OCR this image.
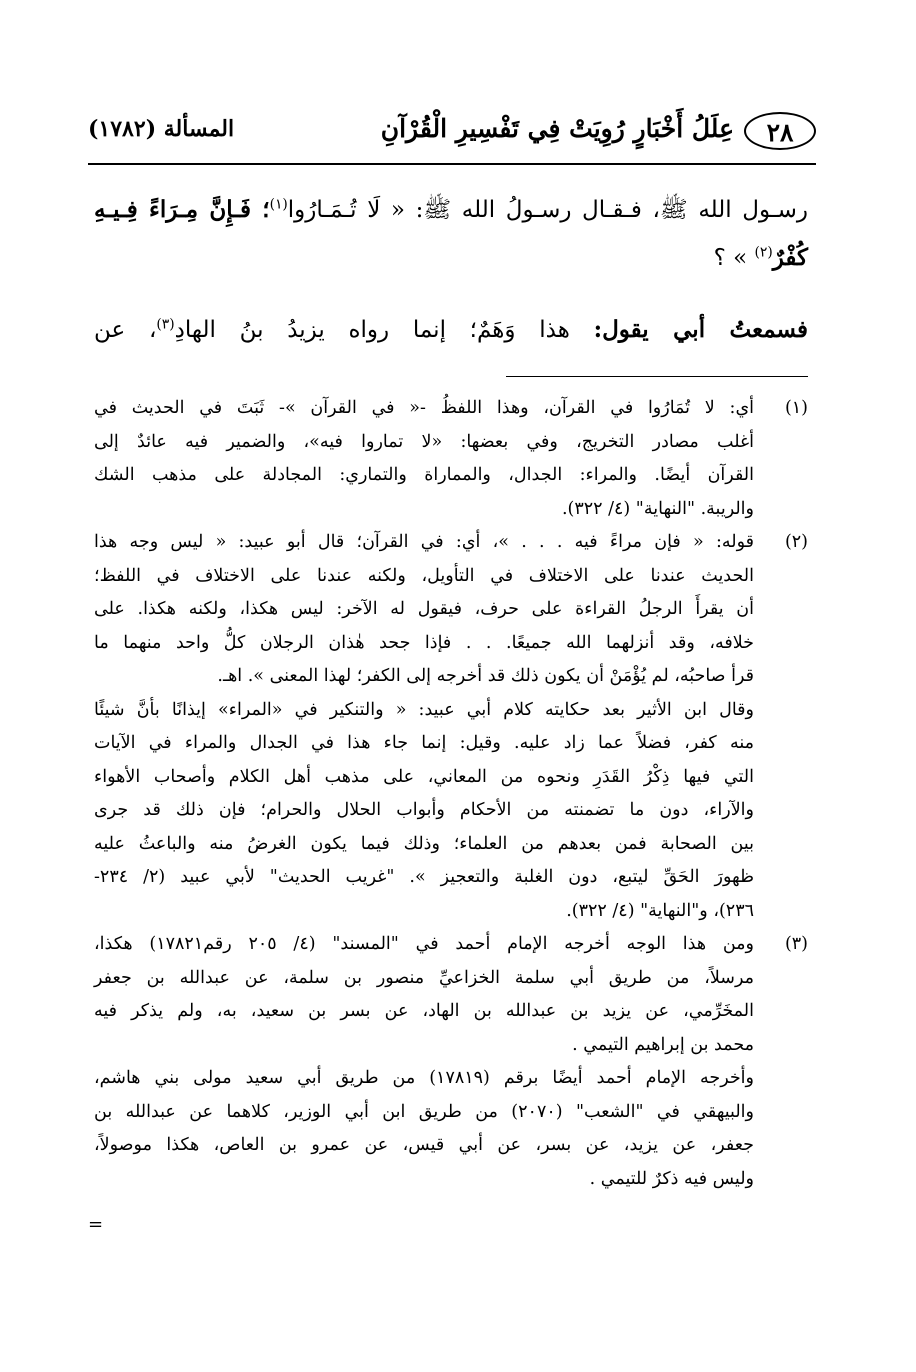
٢٨
عِلَلُ أَخْبَارٍ رُوِيَتْ فِي تَفْسِيرِ الْقُرْآنِ
المسألة (١٧٨٢)
رسـول الله ﷺ، فـقـال رسـولُ الله ﷺ: « لَا تُـمَـارُوا$^{(١)}$؛ فَـإِنَّ مِـرَاءً فِـيـهِ
كُفْرٌ$^{(٢)}$ » ؟
فسمعتُ أبي يقول: هذا وَهَمٌ؛ إنما رواه يزيدُ بنُ الهادِ$^{(٣)}$، عن
(١)
أي: لا تُمَارُوا في القرآن، وهذا اللفظُ -« في القرآن »- ثَبَتَ في الحديث في
أغلب مصادر التخريج، وفي بعضها: «لا تماروا فيه»، والضمير فيه عائدٌ إلى
القرآن أيضًا. والمراء: الجدال، والمماراة والتماري: المجادلة على مذهب الشك
والريبة. "النهاية" (٤/ ٣٢٢).
(٢)
قوله: « فإن مراءً فيه . . . »، أي: في القرآن؛ قال أبو عبيد: « ليس وجه هذا
الحديث عندنا على الاختلاف في التأويل، ولكنه عندنا على الاختلاف في اللفظ؛
أن يقرأَ الرجلُ القراءة على حرف، فيقول له الآخر: ليس هكذا، ولكنه هكذا. على
خلافه، وقد أنزلهما الله جميعًا. . . فإذا جحد هٰذان الرجلان كلُّ واحد منهما ما
قرأ صاحبُه، لم يُؤْمَنْ أن يكون ذلك قد أخرجه إلى الكفر؛ لهذا المعنى ». اهـ.
وقال ابن الأثير بعد حكايته كلام أبي عبيد: « والتنكير في «المراء» إيذانًا بأنَّ شيئًا
منه كفر، فضلاً عما زاد عليه. وقيل: إنما جاء هذا في الجدال والمراء في الآيات
التي فيها ذِكْرُ القَدَرِ ونحوه من المعاني، على مذهب أهل الكلام وأصحاب الأهواء
والآراء، دون ما تضمنته من الأحكام وأبواب الحلال والحرام؛ فإن ذلك قد جرى
بين الصحابة فمن بعدهم من العلماء؛ وذلك فيما يكون الغرضُ منه والباعثُ عليه
ظهورَ الحَقِّ ليتبع، دون الغلبة والتعجيز ». "غريب الحديث" لأبي عبيد (٢/ ٢٣٤-
٢٣٦)، و"النهاية" (٤/ ٣٢٢).
(٣)
ومن هذا الوجه أخرجه الإمام أحمد في "المسند" (٤/ ٢٠٥ رقم١٧٨٢١) هكذا،
مرسلاً، من طريق أبي سلمة الخزاعيِّ منصور بن سلمة، عن عبدالله بن جعفر
المخَرِّمي، عن يزيد بن عبدالله بن الهاد، عن بسر بن سعيد، به، ولم يذكر فيه
محمد بن إبراهيم التيمي .
وأخرجه الإمام أحمد أيضًا برقم (١٧٨١٩) من طريق أبي سعيد مولى بني هاشم،
والبيهقي في "الشعب" (٢٠٧٠) من طريق ابن أبي الوزير، كلاهما عن عبدالله بن
جعفر، عن يزيد، عن بسر، عن أبي قيس، عن عمرو بن العاص، هكذا موصولاً،
وليس فيه ذكرٌ للتيمي .
=
